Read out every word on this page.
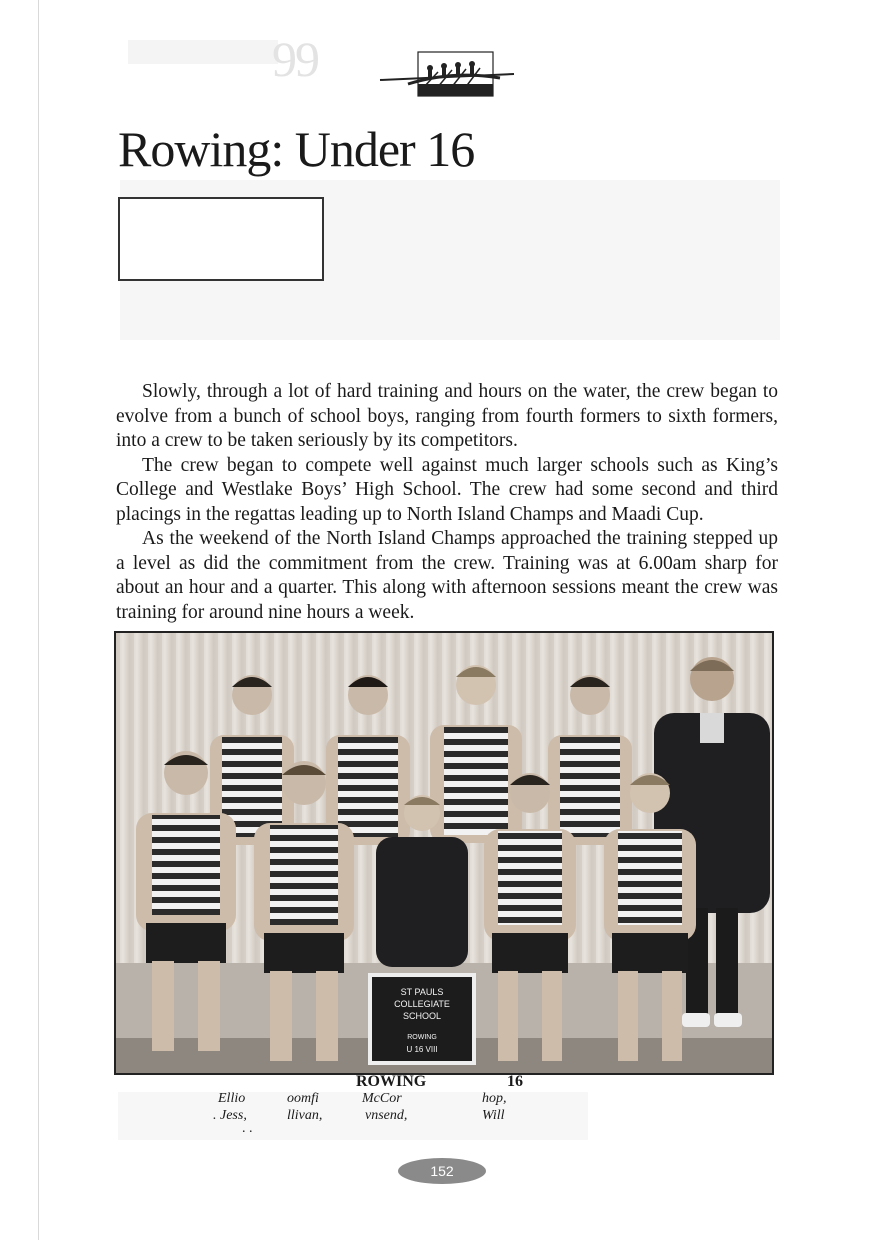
99
Rowing: Under 16

Slowly, through a lot of hard training and hours on the water, the crew began to evolve from a bunch of school boys, ranging from fourth formers to sixth formers, into a crew to be taken seriously by its competitors.

The crew began to compete well against much larger schools such as King’s College and Westlake Boys’ High School. The crew had some second and third placings in the regattas leading up to North Island Champs and Maadi Cup.

As the weekend of the North Island Champs approached the training stepped up a level as did the commitment from the crew. Training was at 6.00am sharp for about an hour and a quarter. This along with afternoon sessions meant the crew was training for around nine hours a week.

ST PAULS
COLLEGIATE
SCHOOL
ROWING
U 16 VIII
ROWING	16
Ellio	oomfi	McCor	hop,
. Jess,	llivan,	vnsend,	Will
. .
152
